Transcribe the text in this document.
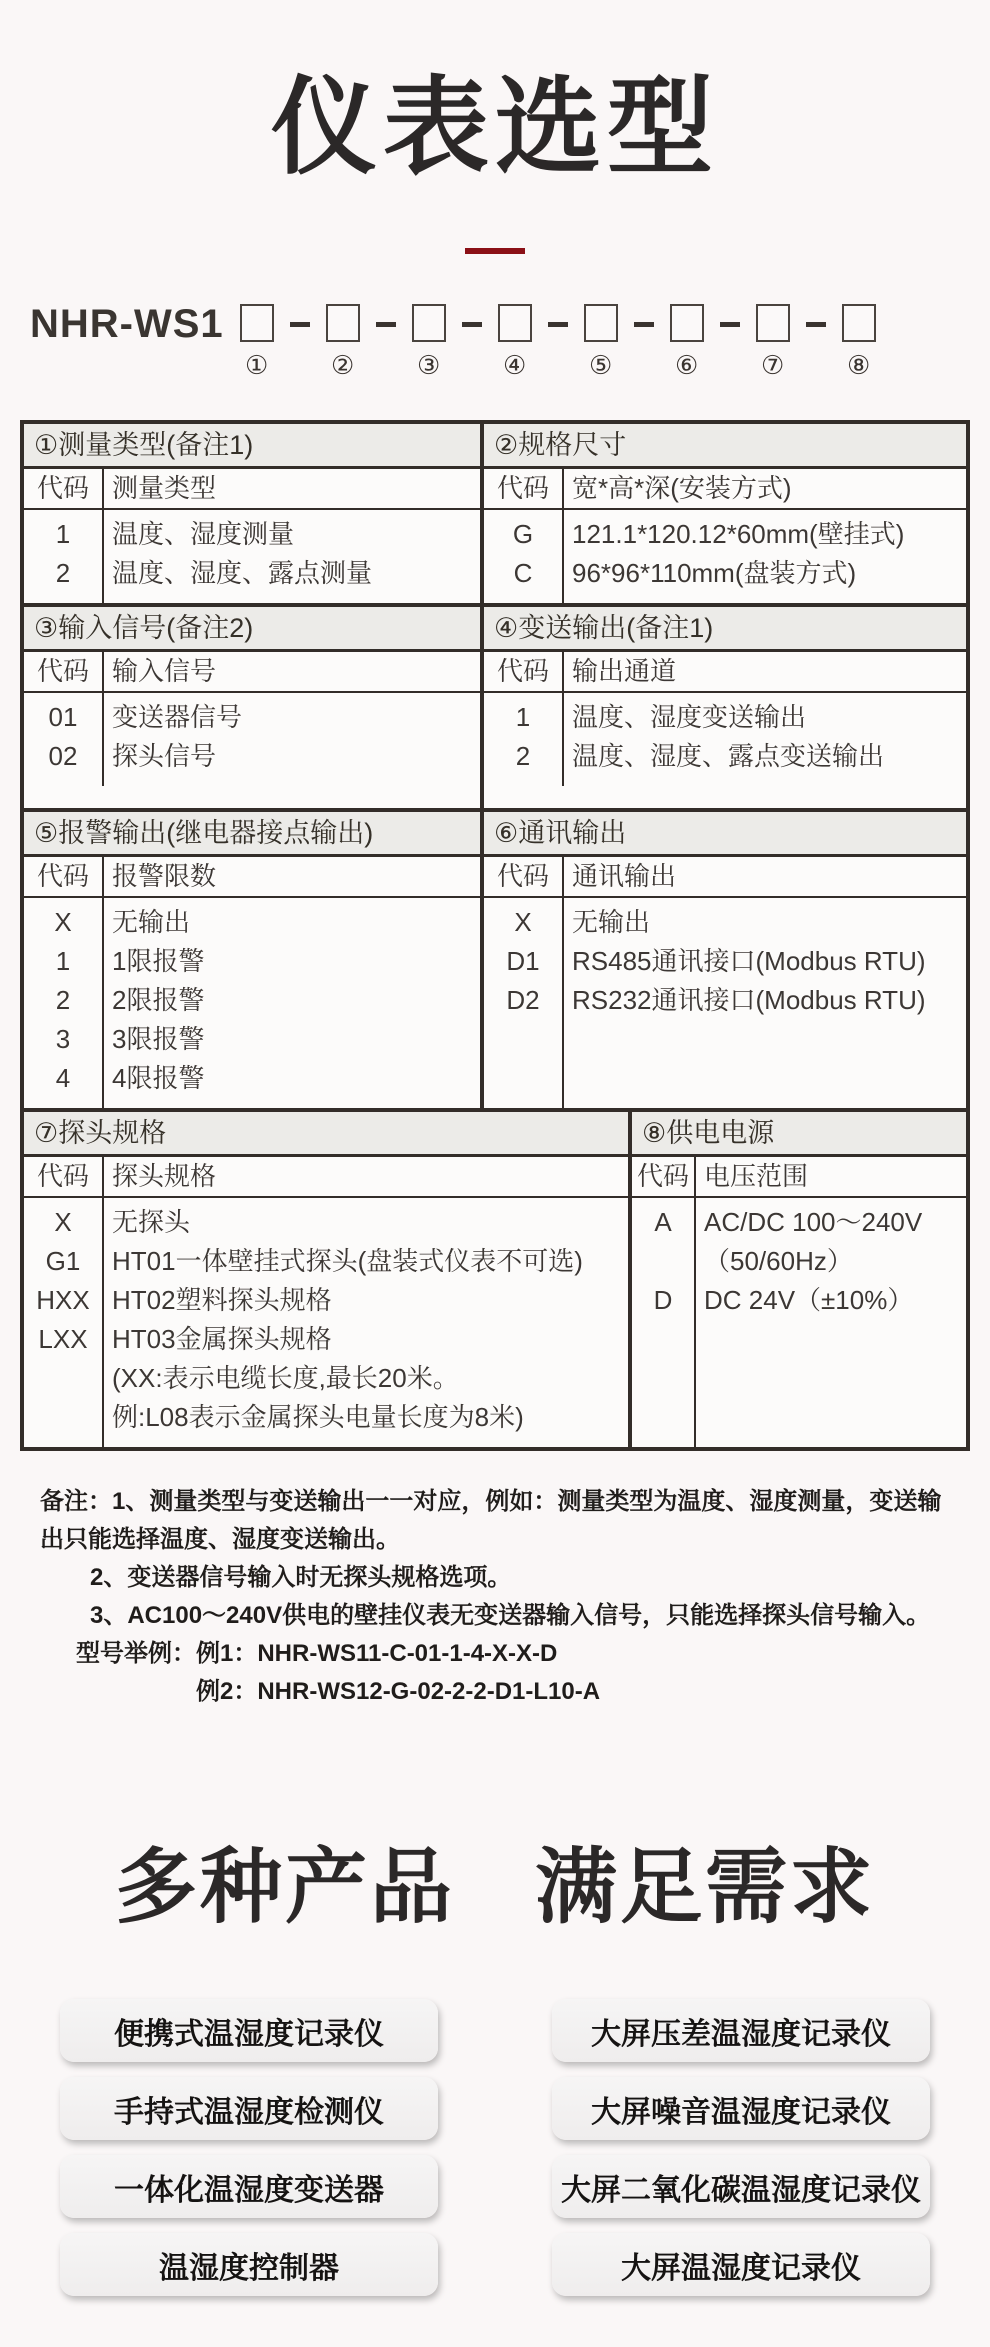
仪表选型
NHR-WS1
① ② ③ ④ ⑤ ⑥ ⑦ ⑧
①测量类型(备注1)
代码 测量类型
1
2
温度、湿度测量
温度、湿度、露点测量
②规格尺寸
代码 宽*高*深(安装方式)
G
C
121.1*120.12*60mm(壁挂式)
96*96*110mm(盘装方式)
③输入信号(备注2)
代码 输入信号
01
02
变送器信号
探头信号
④变送输出(备注1)
代码 输出通道
1
2
温度、湿度变送输出
温度、湿度、露点变送输出
⑤报警输出(继电器接点输出)
代码 报警限数
X
1
2
3
4
无输出
1限报警
2限报警
3限报警
4限报警
⑥通讯输出
代码 通讯输出
X
D1
D2
无输出
RS485通讯接口(Modbus RTU)
RS232通讯接口(Modbus RTU)
⑦探头规格
代码 探头规格
X
G1
HXX
LXX

无探头
HT01一体壁挂式探头(盘装式仪表不可选)
HT02塑料探头规格
HT03金属探头规格
(XX:表示电缆长度,最长20米。
例:L08表示金属探头电量长度为8米)
⑧供电电源
代码 电压范围
A

D
AC/DC 100～240V
（50/60Hz）
DC 24V（±10%）
备注：1、测量类型与变送输出一一对应，例如：测量类型为温度、湿度测量，变送输出只能选择温度、湿度变送输出。
2、变送器信号输入时无探头规格选项。
3、AC100～240V供电的壁挂仪表无变送器输入信号，只能选择探头信号输入。
型号举例： 例1：NHR-WS11-C-01-1-4-X-X-D
例2：NHR-WS12-G-02-2-2-D1-L10-A
多种产品 满足需求
便携式温湿度记录仪
手持式温湿度检测仪
一体化温湿度变送器
温湿度控制器
大屏压差温湿度记录仪
大屏噪音温湿度记录仪
大屏二氧化碳温湿度记录仪
大屏温湿度记录仪
